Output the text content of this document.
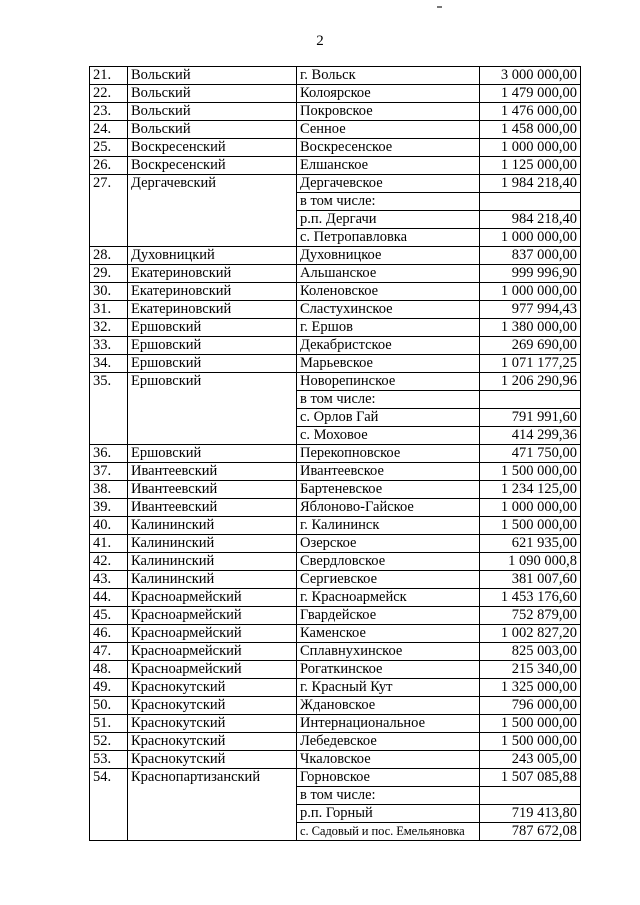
2
21.	Вольский	г. Вольск	3 000 000,00
22.	Вольский	Колоярское	1 479 000,00
23.	Вольский	Покровское	1 476 000,00
24.	Вольский	Сенное	1 458 000,00
25.	Воскресенский	Воскресенское	1 000 000,00
26.	Воскресенский	Елшанское	1 125 000,00
27.	Дергачевский	Дергачевское	1 984 218,40
		в том числе:	
		р.п. Дергачи	984 218,40
		с. Петропавловка	1 000 000,00
28.	Духовницкий	Духовницкое	837 000,00
29.	Екатериновский	Альшанское	999 996,90
30.	Екатериновский	Коленовское	1 000 000,00
31.	Екатериновский	Сластухинское	977 994,43
32.	Ершовский	г. Ершов	1 380 000,00
33.	Ершовский	Декабристское	269 690,00
34.	Ершовский	Марьевское	1 071 177,25
35.	Ершовский	Новорепинское	1 206 290,96
		в том числе:	
		с. Орлов Гай	791 991,60
		с. Моховое	414 299,36
36.	Ершовский	Перекопновское	471 750,00
37.	Ивантеевский	Ивантеевское	1 500 000,00
38.	Ивантеевский	Бартеневское	1 234 125,00
39.	Ивантеевский	Яблоново-Гайское	1 000 000,00
40.	Калининский	г. Калининск	1 500 000,00
41.	Калининский	Озерское	621 935,00
42.	Калининский	Свердловское	1 090 000,8
43.	Калининский	Сергиевское	381 007,60
44.	Красноармейский	г. Красноармейск	1 453 176,60
45.	Красноармейский	Гвардейское	752 879,00
46.	Красноармейский	Каменское	1 002 827,20
47.	Красноармейский	Сплавнухинское	825 003,00
48.	Красноармейский	Рогаткинское	215 340,00
49.	Краснокутский	г. Красный Кут	1 325 000,00
50.	Краснокутский	Ждановское	796 000,00
51.	Краснокутский	Интернациональное	1 500 000,00
52.	Краснокутский	Лебедевское	1 500 000,00
53.	Краснокутский	Чкаловское	243 005,00
54.	Краснопартизанский	Горновское	1 507 085,88
		в том числе:	
		р.п. Горный	719 413,80
		с. Садовый и пос. Емельяновка	787 672,08
